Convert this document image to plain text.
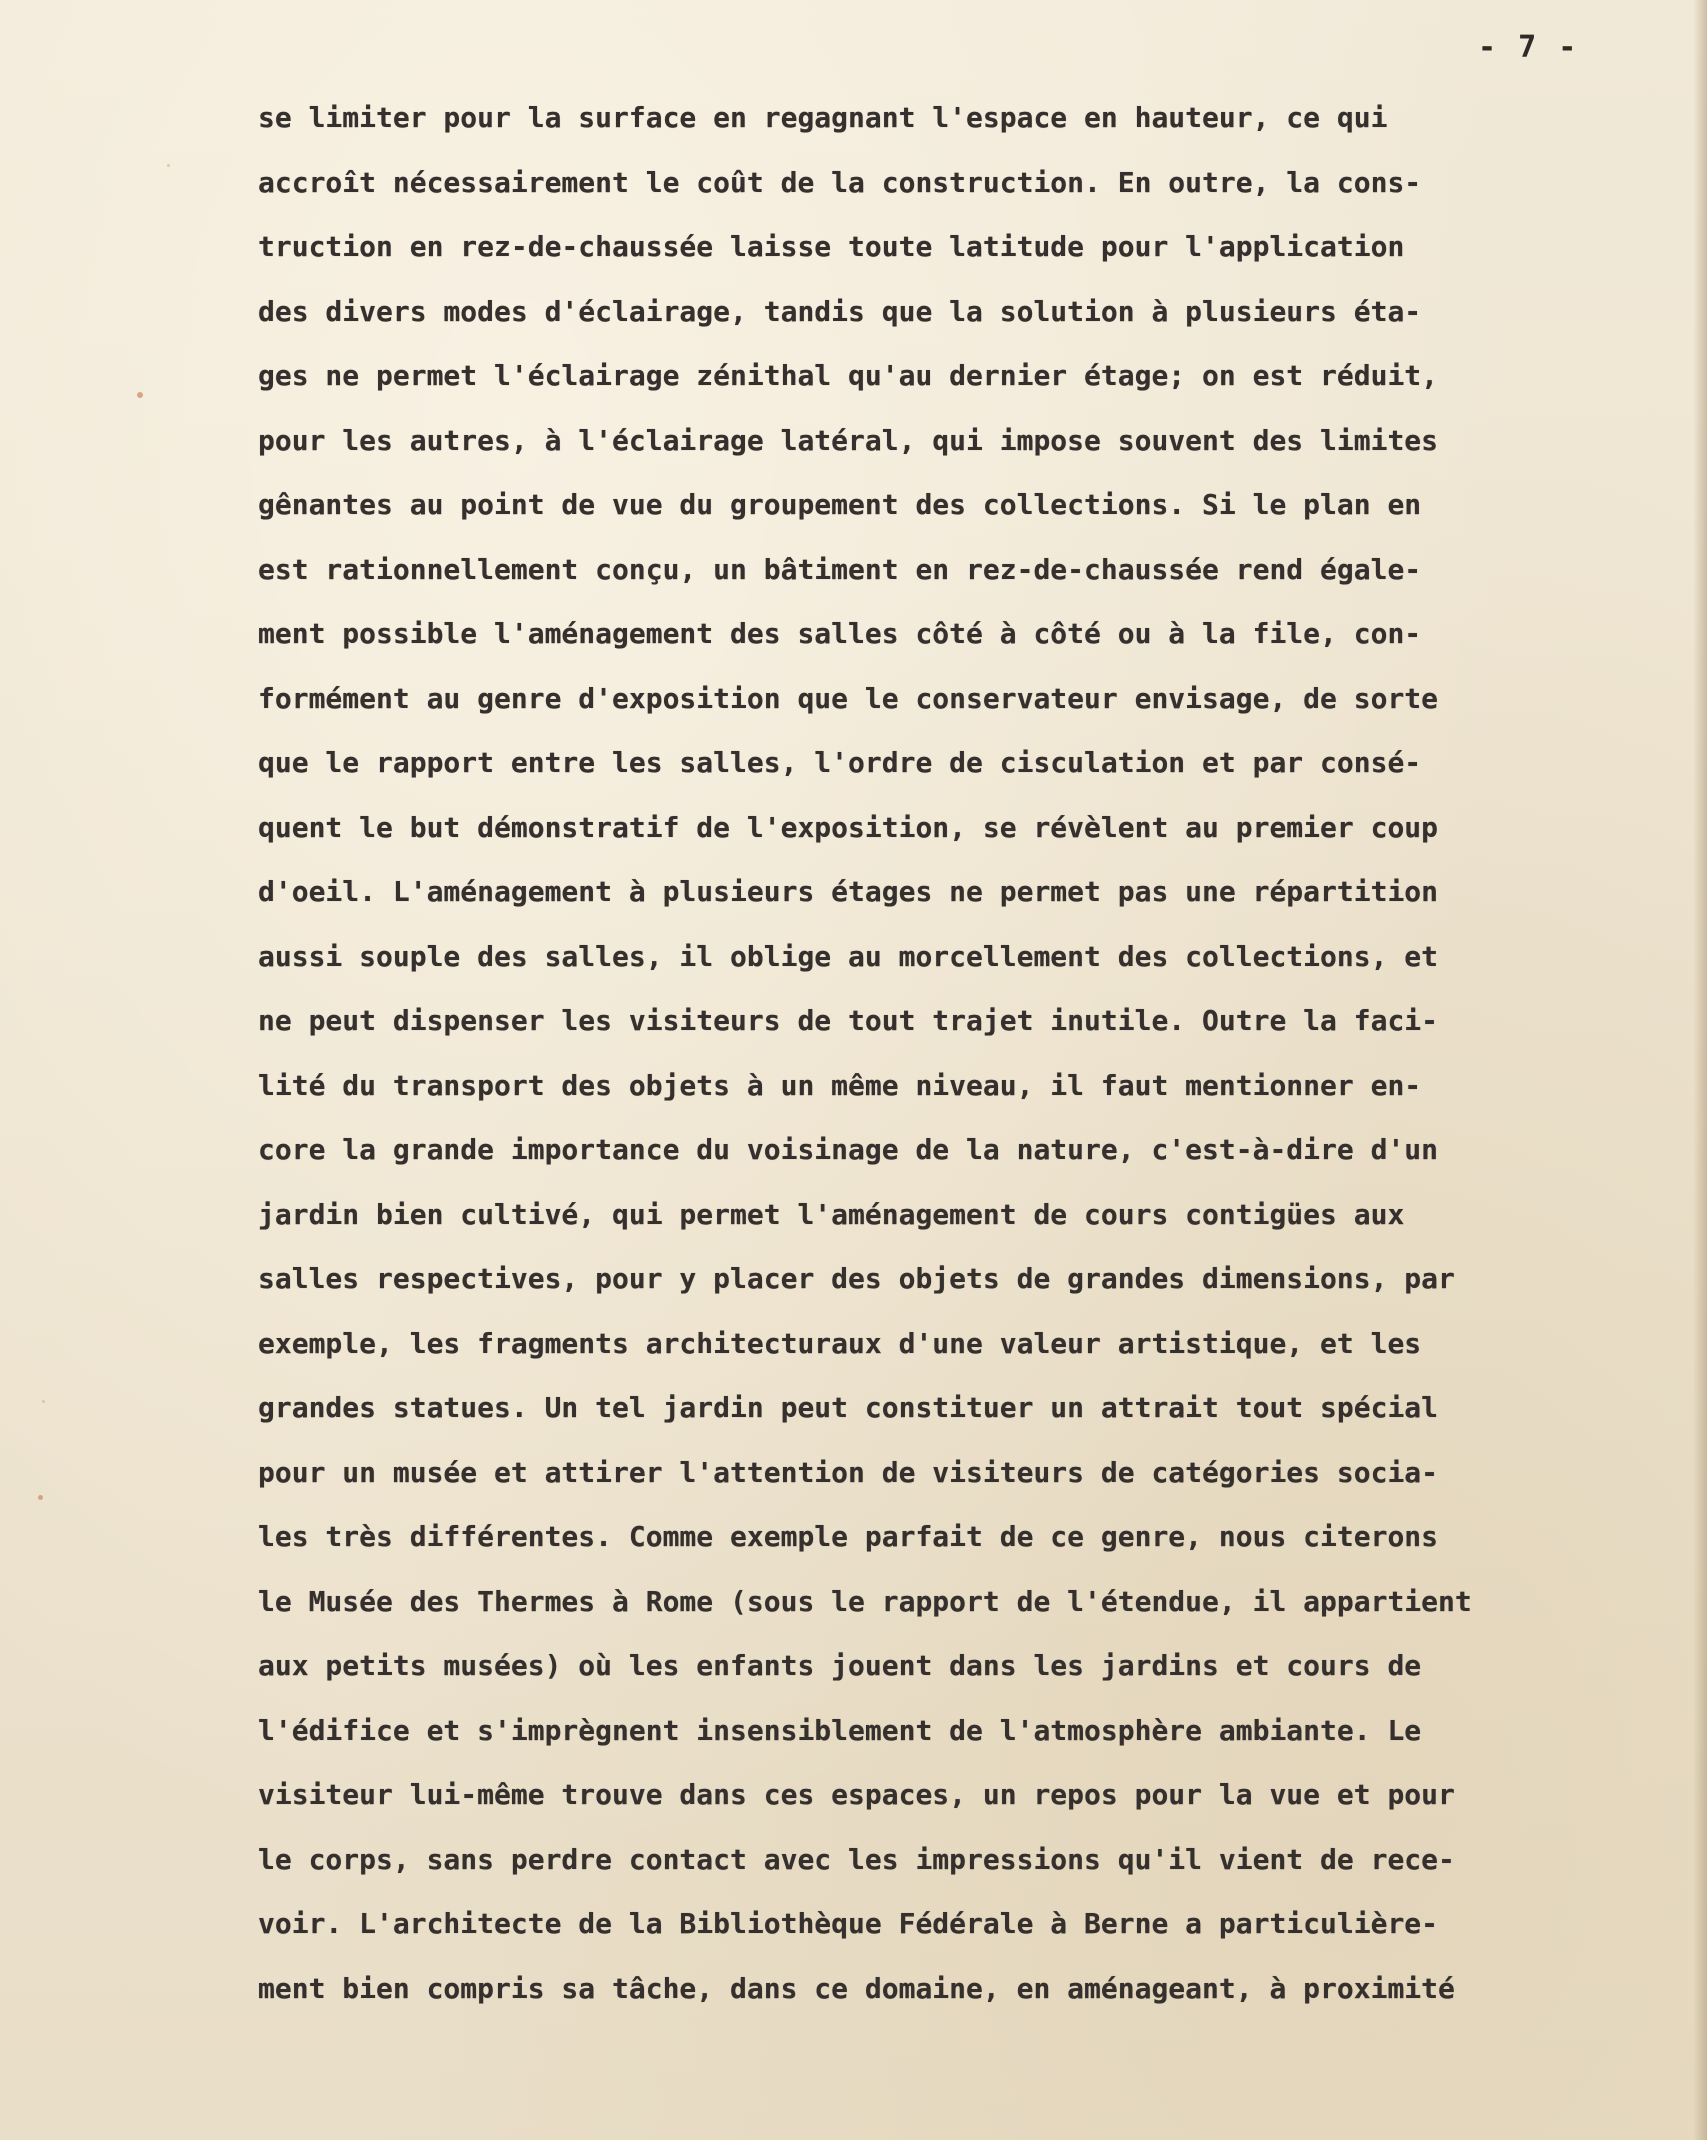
- 7 -
se limiter pour la surface en regagnant l'espace en hauteur, ce qui
accroît nécessairement le coût de la construction. En outre, la cons-
truction en rez-de-chaussée laisse toute latitude pour l'application
des divers modes d'éclairage, tandis que la solution à plusieurs éta-
ges ne permet l'éclairage zénithal qu'au dernier étage; on est réduit,
pour les autres, à l'éclairage latéral, qui impose souvent des limites
gênantes au point de vue du groupement des collections. Si le plan en
est rationnellement conçu, un bâtiment en rez-de-chaussée rend égale-
ment possible l'aménagement des salles côté à côté ou à la file, con-
formément au genre d'exposition que le conservateur envisage, de sorte
que le rapport entre les salles, l'ordre de cisculation et par consé-
quent le but démonstratif de l'exposition, se révèlent au premier coup
d'oeil. L'aménagement à plusieurs étages ne permet pas une répartition
aussi souple des salles, il oblige au morcellement des collections, et
ne peut dispenser les visiteurs de tout trajet inutile. Outre la faci-
lité du transport des objets à un même niveau, il faut mentionner en-
core la grande importance du voisinage de la nature, c'est-à-dire d'un
jardin bien cultivé, qui permet l'aménagement de cours contigües aux
salles respectives, pour y placer des objets de grandes dimensions, par
exemple, les fragments architecturaux d'une valeur artistique, et les
grandes statues. Un tel jardin peut constituer un attrait tout spécial
pour un musée et attirer l'attention de visiteurs de catégories socia-
les très différentes. Comme exemple parfait de ce genre, nous citerons
le Musée des Thermes à Rome (sous le rapport de l'étendue, il appartient
aux petits musées) où les enfants jouent dans les jardins et cours de
l'édifice et s'imprègnent insensiblement de l'atmosphère ambiante. Le
visiteur lui-même trouve dans ces espaces, un repos pour la vue et pour
le corps, sans perdre contact avec les impressions qu'il vient de rece-
voir. L'architecte de la Bibliothèque Fédérale à Berne a particulière-
ment bien compris sa tâche, dans ce domaine, en aménageant, à proximité
